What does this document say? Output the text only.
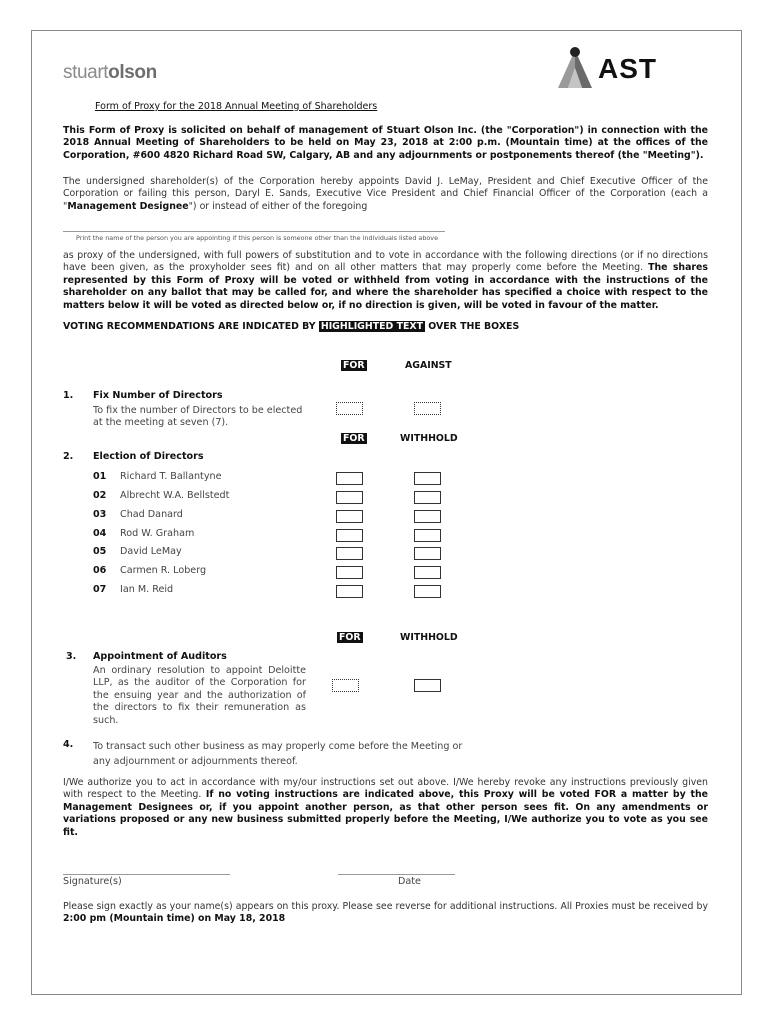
stuartolson	AST
Form of Proxy for the 2018 Annual Meeting of Shareholders
This Form of Proxy is solicited on behalf of management of Stuart Olson Inc. (the "Corporation") in connection with the 2018 Annual Meeting of Shareholders to be held on May 23, 2018 at 2:00 p.m. (Mountain time) at the offices of the Corporation, #600 4820 Richard Road SW, Calgary, AB and any adjournments or postponements thereof (the "Meeting").
The undersigned shareholder(s) of the Corporation hereby appoints David J. LeMay, President and Chief Executive Officer of the Corporation or failing this person, Daryl E. Sands, Executive Vice President and Chief Financial Officer of the Corporation (each a "Management Designee") or instead of either of the foregoing
Print the name of the person you are appointing if this person is someone other than the individuals listed above
as proxy of the undersigned, with full powers of substitution and to vote in accordance with the following directions (or if no directions have been given, as the proxyholder sees fit) and on all other matters that may properly come before the Meeting. The shares represented by this Form of Proxy will be voted or withheld from voting in accordance with the instructions of the shareholder on any ballot that may be called for, and where the shareholder has specified a choice with respect to the matters below it will be voted as directed below or, if no direction is given, will be voted in favour of the matter.
VOTING RECOMMENDATIONS ARE INDICATED BY HIGHLIGHTED TEXT OVER THE BOXES
FOR	AGAINST
1. Fix Number of Directors
To fix the number of Directors to be elected at the meeting at seven (7).
FOR	WITHHOLD
2. Election of Directors
01 Richard T. Ballantyne
02 Albrecht W.A. Bellstedt
03 Chad Danard
04 Rod W. Graham
05 David LeMay
06 Carmen R. Loberg
07 Ian M. Reid
FOR	WITHHOLD
3. Appointment of Auditors
An ordinary resolution to appoint Deloitte LLP, as the auditor of the Corporation for the ensuing year and the authorization of the directors to fix their remuneration as such.
4. To transact such other business as may properly come before the Meeting or any adjournment or adjournments thereof.
I/We authorize you to act in accordance with my/our instructions set out above. I/We hereby revoke any instructions previously given with respect to the Meeting. If no voting instructions are indicated above, this Proxy will be voted FOR a matter by the Management Designees or, if you appoint another person, as that other person sees fit. On any amendments or variations proposed or any new business submitted properly before the Meeting, I/We authorize you to vote as you see fit.
Signature(s)	Date
Please sign exactly as your name(s) appears on this proxy. Please see reverse for additional instructions. All Proxies must be received by 2:00 pm (Mountain time) on May 18, 2018
